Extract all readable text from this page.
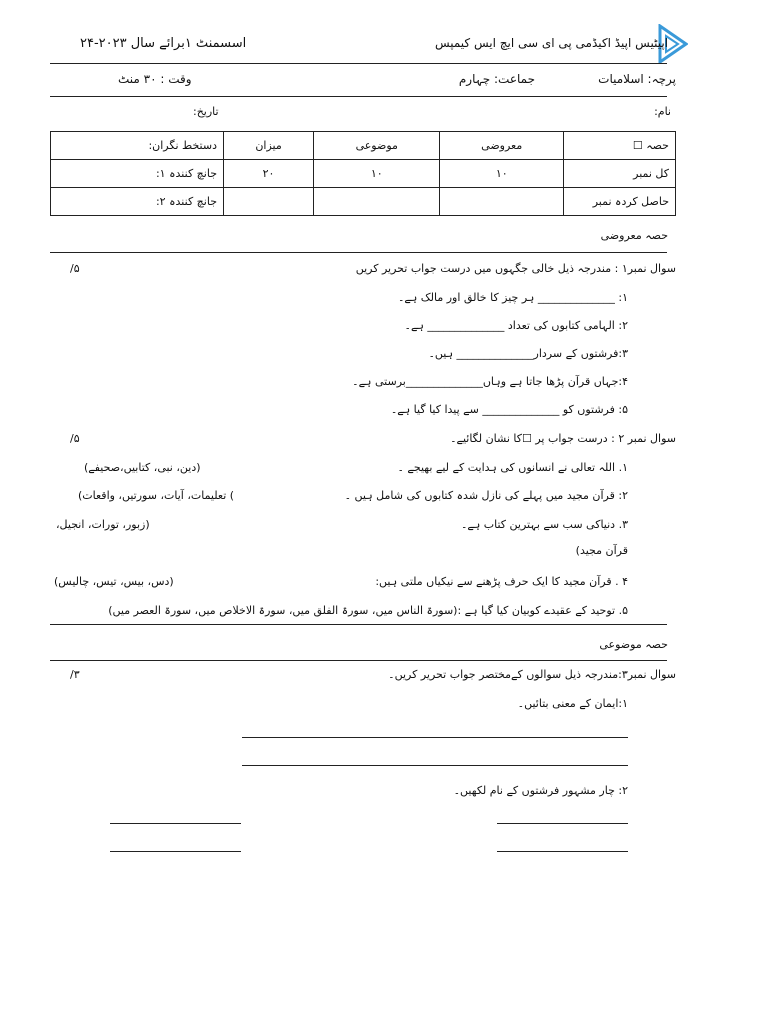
اپیٹیس اپیڈ اکیڈمی پی ای سی ایچ ایس کیمپس
اسسمنٹ ۱برائے سال ۲۰۲۳-۲۴
پرچہ: اسلامیات
جماعت: چہارم
وقت : ۳۰ منٹ
نام:
تاریخ:
حصہ ☐	معروضی	موضوعی	میزان	دستخط نگران:
کل نمبر	۱۰	۱۰	۲۰	جانچ کنندہ ۱:
حاصل کردہ نمبر				جانچ کنندہ ۲:
حصہ معروضی
سوال نمبر۱ : مندرجہ ذیل خالی جگہوں میں درست جواب تحریر کریں
/۵
۱: ______________ ہر چیز کا خالق اور مالک ہے۔
۲: الہامی کتابوں کی تعداد ______________ ہے۔
۳:فرشتوں کے سردار______________ ہیں۔
۴:جہاں قرآن پڑھا جاتا ہے وہاں______________برستی ہے۔
۵: فرشتوں کو ______________ سے پیدا کیا گیا ہے۔
سوال نمبر ۲ : درست جواب پر ☐کا نشان لگائیے۔
/۵
۱. اللہ تعالی نے انسانوں کی ہدایت کے لیے بھیجے ۔
(دین، نبی، کتابیں،صحیفے)
۲: قرآن مجید میں پہلے کی نازل شدہ کتابوں کی شامل ہیں ۔
) تعلیمات، آیات، سورتیں، واقعات)
۳. دنیاکی سب سے بہترین کتاب ہے۔
(زبور، تورات، انجیل،
قرآن مجید)
۴ . قرآن مجید کا ایک حرف پڑھنے سے نیکیاں ملتی ہیں:
(دس، بیس، تیس، چالیس)
۵. توحید کے عقیدے کوبیان کیا گیا ہے :(سورۃ الناس میں، سورۃ الفلق میں، سورۃ الاخلاص میں، سورۃ العصر میں)
حصہ موضوعی
سوال نمبر۳:مندرجہ ذیل سوالوں کےمختصر جواب تحریر کریں۔
/۳
۱:ایمان کے معنی بتائیں۔
۲: چار مشہور فرشتوں کے نام لکھیں۔
